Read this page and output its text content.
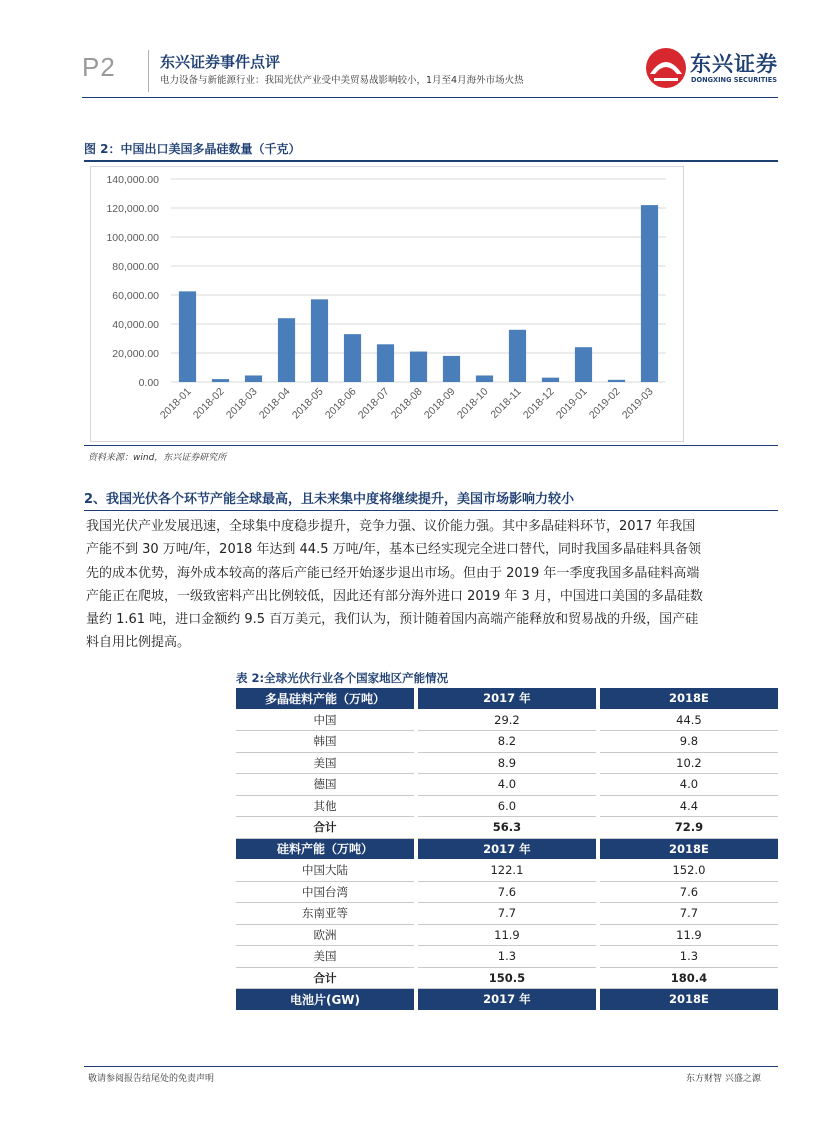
P2	东兴证券事件点评
电力设备与新能源行业：我国光伏产业受中美贸易战影响较小，1月至4月海外市场火热
东兴证券
DONGXING SECURITIES
图 2：中国出口美国多晶硅数量（千克）
0.00
20,000.00
40,000.00
60,000.00
80,000.00
100,000.00
120,000.00
140,000.00
2018-01
2018-02
2018-03
2018-04
2018-05
2018-06
2018-07
2018-08
2018-09
2018-10
2018-11
2018-12
2019-01
2019-02
2019-03
资料来源：wind，东兴证券研究所
2、我国光伏各个环节产能全球最高，且未来集中度将继续提升，美国市场影响力较小
我国光伏产业发展迅速，全球集中度稳步提升，竞争力强、议价能力强。其中多晶硅料环节，2017 年我国
产能不到 30 万吨/年，2018 年达到 44.5 万吨/年，基本已经实现完全进口替代，同时我国多晶硅料具备领
先的成本优势，海外成本较高的落后产能已经开始逐步退出市场。但由于 2019 年一季度我国多晶硅料高端
产能正在爬坡，一级致密料产出比例较低，因此还有部分海外进口 2019 年 3 月，中国进口美国的多晶硅数
量约 1.61 吨，进口金额约 9.5 百万美元，我们认为，预计随着国内高端产能释放和贸易战的升级，国产硅
料自用比例提高。
表 2:全球光伏行业各个国家地区产能情况
多晶硅料产能（万吨）		2017 年		2018E
中国		29.2		44.5
韩国		8.2		9.8
美国		8.9		10.2
德国		4.0		4.0
其他		6.0		4.4
合计		56.3		72.9
硅料产能（万吨）		2017 年		2018E
中国大陆		122.1		152.0
中国台湾		7.6		7.6
东南亚等		7.7		7.7
欧洲		11.9		11.9
美国		1.3		1.3
合计		150.5		180.4
电池片(GW)		2017 年		2018E
敬请参阅报告结尾处的免责声明	东方财智 兴盛之源
